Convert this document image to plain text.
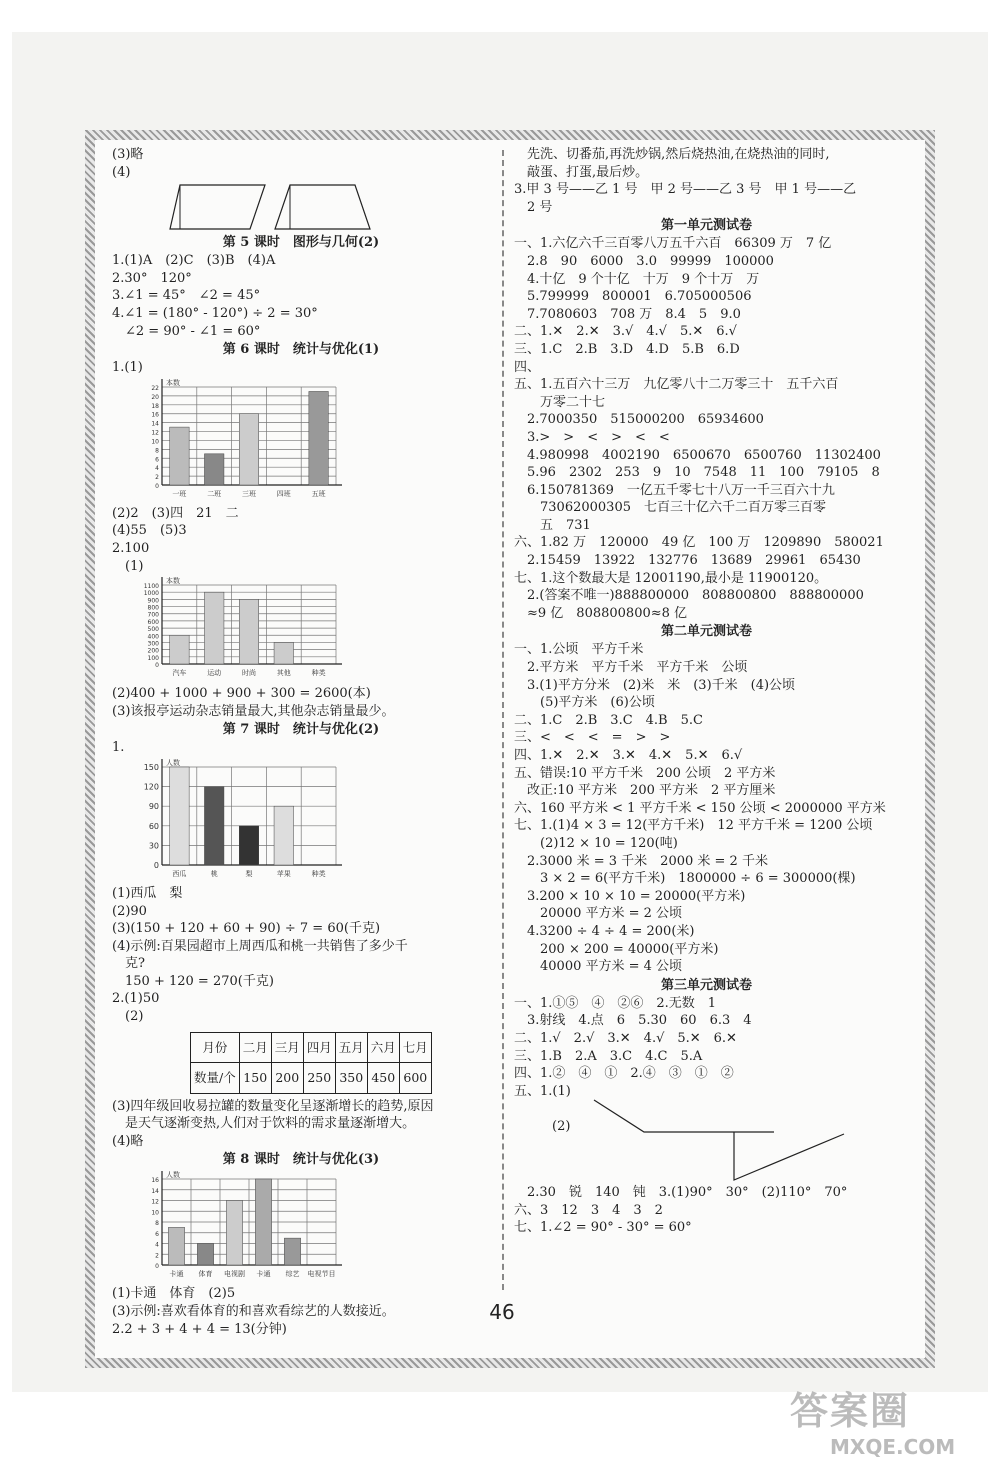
(3)略
(4)
第 5 课时　图形与几何(2)
1.(1)A　(2)C　(3)B　(4)A
2.30°　120°
3.∠1 = 45°　∠2 = 45°
4.∠1 = (180° - 120°) ÷ 2 = 30°
　∠2 = 90° - ∠1 = 60°
第 6 课时　统计与优化(1)
1.(1)
0
2
4
6
8
10
12
14
16
18
20
22
本数
一班	二班	三班	四班	五班
(2)2　(3)四　21　二
(4)55　(5)3
2.100
　(1)
0
100
200
300
400
500
600
700
800
900
1000
1100
本数
汽车	运动	时尚	其他	种类
(2)400 + 1000 + 900 + 300 = 2600(本)
(3)该报亭运动杂志销量最大,其他杂志销量最少。
第 7 课时　统计与优化(2)
1.
0
30
60
90
120
150 人数
西瓜	桃	梨	苹果	种类
(1)西瓜　梨
(2)90
(3)(150 + 120 + 60 + 90) ÷ 7 = 60(千克)
(4)示例:百果园超市上周西瓜和桃一共销售了多少千
　克?
　150 + 120 = 270(千克)
2.(1)50
　(2)
月份	二月	三月	四月	五月	六月	七月
数量/个	150	200	250	350	450	600
(3)四年级回收易拉罐的数量变化呈逐渐增长的趋势,原因
　是天气逐渐变热,人们对于饮料的需求量逐渐增大。
(4)略
第 8 课时　统计与优化(3)
0
2
4
6
8
10
12
14
16
人数
卡通 体育 电视剧 卡通 综艺 电视节目
(1)卡通　体育　(2)5
(3)示例:喜欢看体育的和喜欢看综艺的人数接近。
2.2 + 3 + 4 + 4 = 13(分钟)
　先洗、切番茄,再洗炒锅,然后烧热油,在烧热油的同时,
　敲蛋、打蛋,最后炒。
3.甲 3 号——乙 1 号　甲 2 号——乙 3 号　甲 1 号——乙
　2 号
第一单元测试卷
一、1.六亿六千三百零八万五千六百　66309 万　7 亿
　2.8　90　6000　3.0　99999　100000
　4.十亿　9 个十亿　十万　9 个十万　万
　5.799999　800001　6.705000506
　7.7080603　708 万　8.4　5　9.0
二、1.✕　2.✕　3.√　4.√　5.✕　6.√
三、1.C　2.B　3.D　4.D　5.B　6.D
四、
五、1.五百六十三万　九亿零八十二万零三十　五千六百
　　万零二十七
　2.7000350　515000200　65934600
　3.>　>　<　>　<　<
　4.980998　4002190　6500670　6500760　11302400
　5.96　2302　253　9　10　7548　11　100　79105　8
　6.150781369　一亿五千零七十八万一千三百六十九
　　73062000305　七百三十亿六千二百万零三百零
　　五　731
六、1.82 万　120000　49 亿　100 万　1209890　580021
　2.15459　13922　132776　13689　29961　65430
七、1.这个数最大是 12001190,最小是 11900120。
　2.(答案不唯一)888800000　808800800　888800000
　≈9 亿　808800800≈8 亿
第二单元测试卷
一、1.公顷　平方千米
　2.平方米　平方千米　平方千米　公顷
　3.(1)平方分米　(2)米　米　(3)千米　(4)公顷
　　(5)平方米　(6)公顷
二、1.C　2.B　3.C　4.B　5.C
三、<　<　<　=　>　>
四、1.✕　2.✕　3.✕　4.✕　5.✕　6.√
五、错误:10 平方千米　200 公顷　2 平方米
　改正:10 平方米　200 平方米　2 平方厘米
六、160 平方米 < 1 平方千米 < 150 公顷 < 2000000 平方米
七、1.(1)4 × 3 = 12(平方千米)　12 平方千米 = 1200 公顷
　　(2)12 × 10 = 120(吨)
　2.3000 米 = 3 千米　2000 米 = 2 千米
　　3 × 2 = 6(平方千米)　1800000 ÷ 6 = 300000(棵)
　3.200 × 10 × 10 = 20000(平方米)
　　20000 平方米 = 2 公顷
　4.3200 ÷ 4 ÷ 4 = 200(米)
　　200 × 200 = 40000(平方米)
　　40000 平方米 = 4 公顷
第三单元测试卷
一、1.①⑤　④　②⑥　2.无数　1
　3.射线　4.点　6　5.30　60　6.3　4
二、1.√　2.√　3.✕　4.√　5.✕　6.✕
三、1.B　2.A　3.C　4.C　5.A
四、1.②　④　①　2.④　③　①　②
五、1.(1)
(2)
　2.30　锐　140　钝　3.(1)90°　30°　(2)110°　70°
六、3　12　3　4　3　2
七、1.∠2 = 90° - 30° = 60°
46
答案圈
MXQE.COM
